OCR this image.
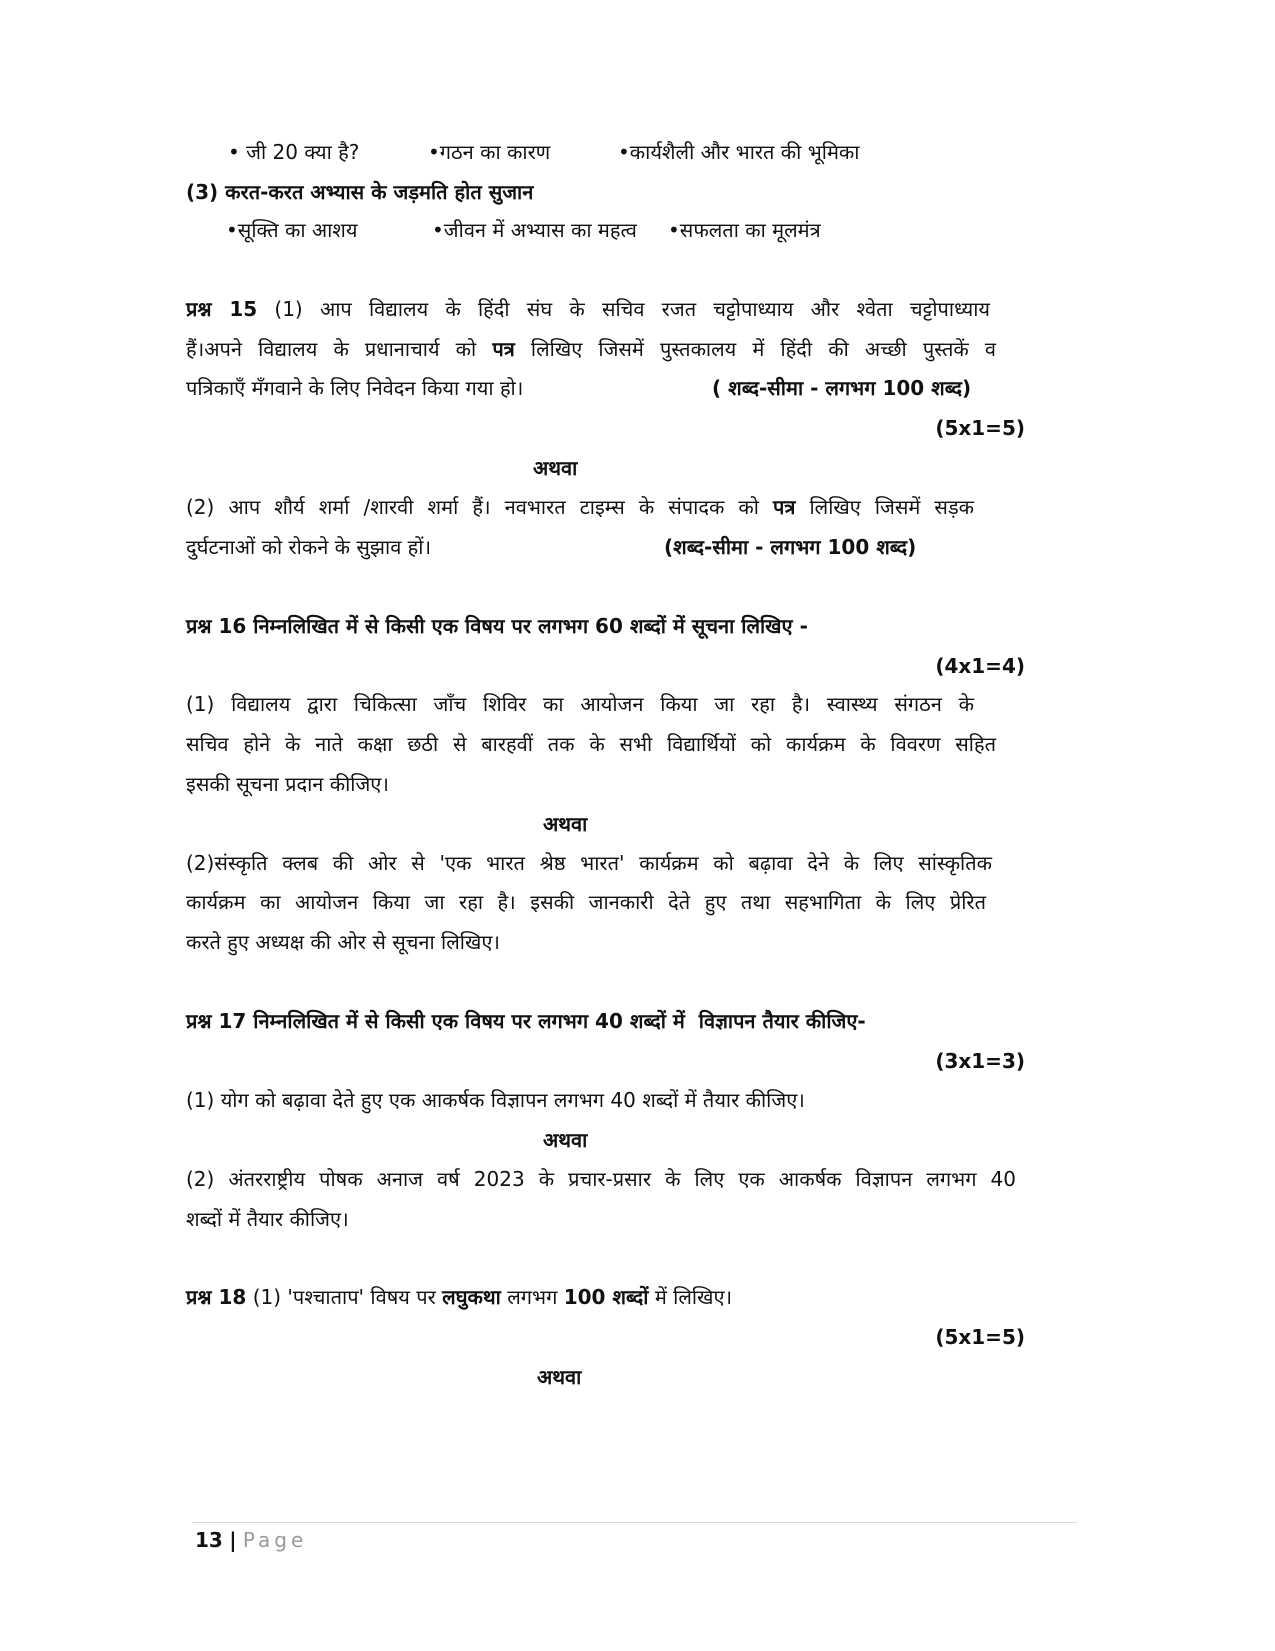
• जी 20 क्या है?	•गठन का कारण	•कार्यशैली और भारत की भूमिका
(3) करत-करत अभ्यास के जड़मति होत सुजान
•सूक्ति का आशय	•जीवन में अभ्यास का महत्व •सफलता का मूलमंत्र
प्रश्न 15 (1) आप विद्यालय के हिंदी संघ के सचिव रजत चट्टोपाध्याय और श्वेता चट्टोपाध्याय
हैं।अपने विद्यालय के प्रधानाचार्य को पत्र लिखिए जिसमें पुस्तकालय में हिंदी की अच्छी पुस्तकें व
पत्रिकाएँ मँगवाने के लिए निवेदन किया गया हो।	( शब्द-सीमा - लगभग 100 शब्द)
(5x1=5)
अथवा
(2) आप शौर्य शर्मा /शारवी शर्मा हैं। नवभारत टाइम्स के संपादक को पत्र लिखिए जिसमें सड़क
दुर्घटनाओं को रोकने के सुझाव हों।	(शब्द-सीमा - लगभग 100 शब्द)
प्रश्न 16 निम्नलिखित में से किसी एक विषय पर लगभग 60 शब्दों में सूचना लिखिए -
(4x1=4)
(1) विद्यालय द्वारा चिकित्सा जाँच शिविर का आयोजन किया जा रहा है। स्वास्थ्य संगठन के
सचिव होने के नाते कक्षा छठी से बारहवीं तक के सभी विद्यार्थियों को कार्यक्रम के विवरण सहित
इसकी सूचना प्रदान कीजिए।
अथवा
(2)संस्कृति क्लब की ओर से 'एक भारत श्रेष्ठ भारत' कार्यक्रम को बढ़ावा देने के लिए सांस्कृतिक
कार्यक्रम का आयोजन किया जा रहा है। इसकी जानकारी देते हुए तथा सहभागिता के लिए प्रेरित
करते हुए अध्यक्ष की ओर से सूचना लिखिए।
प्रश्न 17 निम्नलिखित में से किसी एक विषय पर लगभग 40 शब्दों में  विज्ञापन तैयार कीजिए-
(3x1=3)
(1) योग को बढ़ावा देते हुए एक आकर्षक विज्ञापन लगभग 40 शब्दों में तैयार कीजिए।
अथवा
(2) अंतरराष्ट्रीय पोषक अनाज वर्ष 2023 के प्रचार-प्रसार के लिए एक आकर्षक विज्ञापन लगभग 40
शब्दों में तैयार कीजिए।
प्रश्न 18 (1) 'पश्चाताप' विषय पर लघुकथा लगभग 100 शब्दों में लिखिए।
(5x1=5)
अथवा
13 | Page
